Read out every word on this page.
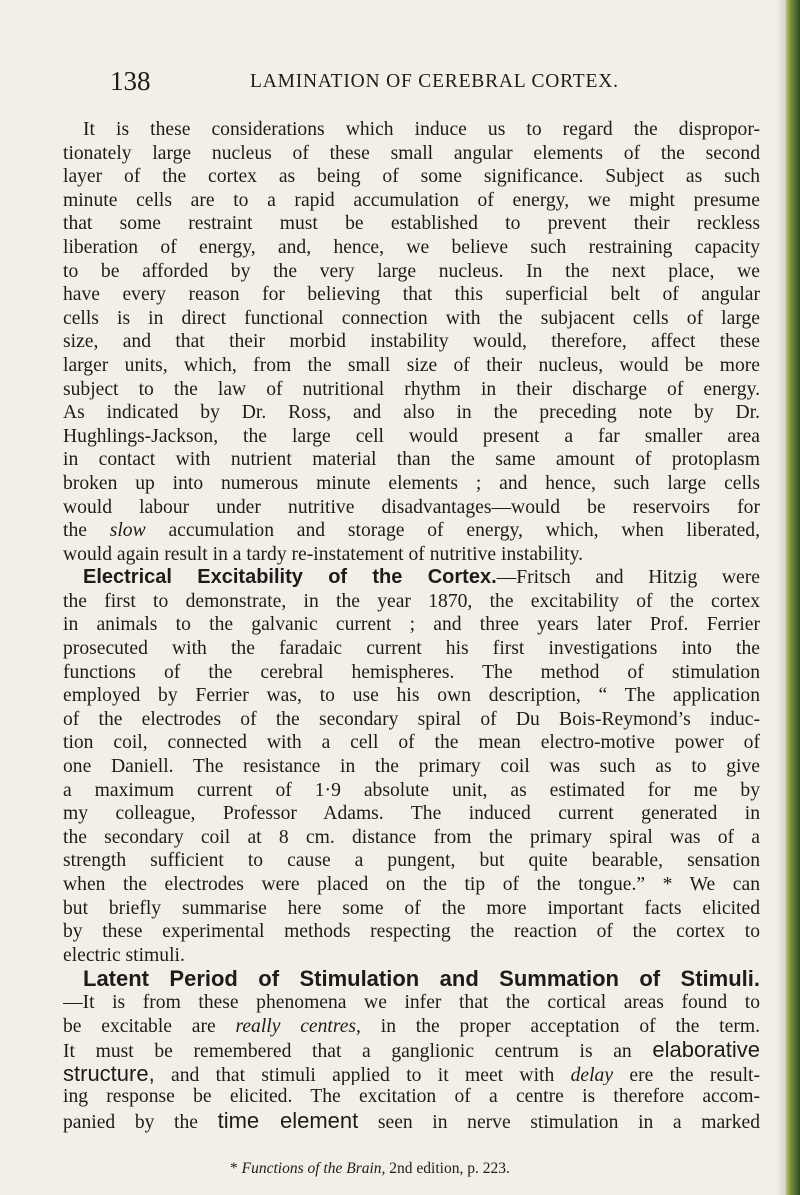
138	LAMINATION OF CEREBRAL CORTEX.
It is these considerations which induce us to regard the dispropor-
tionately large nucleus of these small angular elements of the second
layer of the cortex as being of some significance. Subject as such
minute cells are to a rapid accumulation of energy, we might presume
that some restraint must be established to prevent their reckless
liberation of energy, and, hence, we believe such restraining capacity
to be afforded by the very large nucleus. In the next place, we
have every reason for believing that this superficial belt of angular
cells is in direct functional connection with the subjacent cells of large
size, and that their morbid instability would, therefore, affect these
larger units, which, from the small size of their nucleus, would be more
subject to the law of nutritional rhythm in their discharge of energy.
As indicated by Dr. Ross, and also in the preceding note by Dr.
Hughlings-Jackson, the large cell would present a far smaller area
in contact with nutrient material than the same amount of protoplasm
broken up into numerous minute elements ; and hence, such large cells
would labour under nutritive disadvantages—would be reservoirs for
the slow accumulation and storage of energy, which, when liberated,
would again result in a tardy re-instatement of nutritive instability.
Electrical Excitability of the Cortex.—Fritsch and Hitzig were
the first to demonstrate, in the year 1870, the excitability of the cortex
in animals to the galvanic current ; and three years later Prof. Ferrier
prosecuted with the faradaic current his first investigations into the
functions of the cerebral hemispheres. The method of stimulation
employed by Ferrier was, to use his own description, “ The application
of the electrodes of the secondary spiral of Du Bois-Reymond’s induc-
tion coil, connected with a cell of the mean electro-motive power of
one Daniell. The resistance in the primary coil was such as to give
a maximum current of 1·9 absolute unit, as estimated for me by
my colleague, Professor Adams. The induced current generated in
the secondary coil at 8 cm. distance from the primary spiral was of a
strength sufficient to cause a pungent, but quite bearable, sensation
when the electrodes were placed on the tip of the tongue.” * We can
but briefly summarise here some of the more important facts elicited
by these experimental methods respecting the reaction of the cortex to
electric stimuli.
Latent Period of Stimulation and Summation of Stimuli.
—It is from these phenomena we infer that the cortical areas found to
be excitable are really centres, in the proper acceptation of the term.
It must be remembered that a ganglionic centrum is an elaborative
structure, and that stimuli applied to it meet with delay ere the result-
ing response be elicited. The excitation of a centre is therefore accom-
panied by the time element seen in nerve stimulation in a marked
* Functions of the Brain, 2nd edition, p. 223.
